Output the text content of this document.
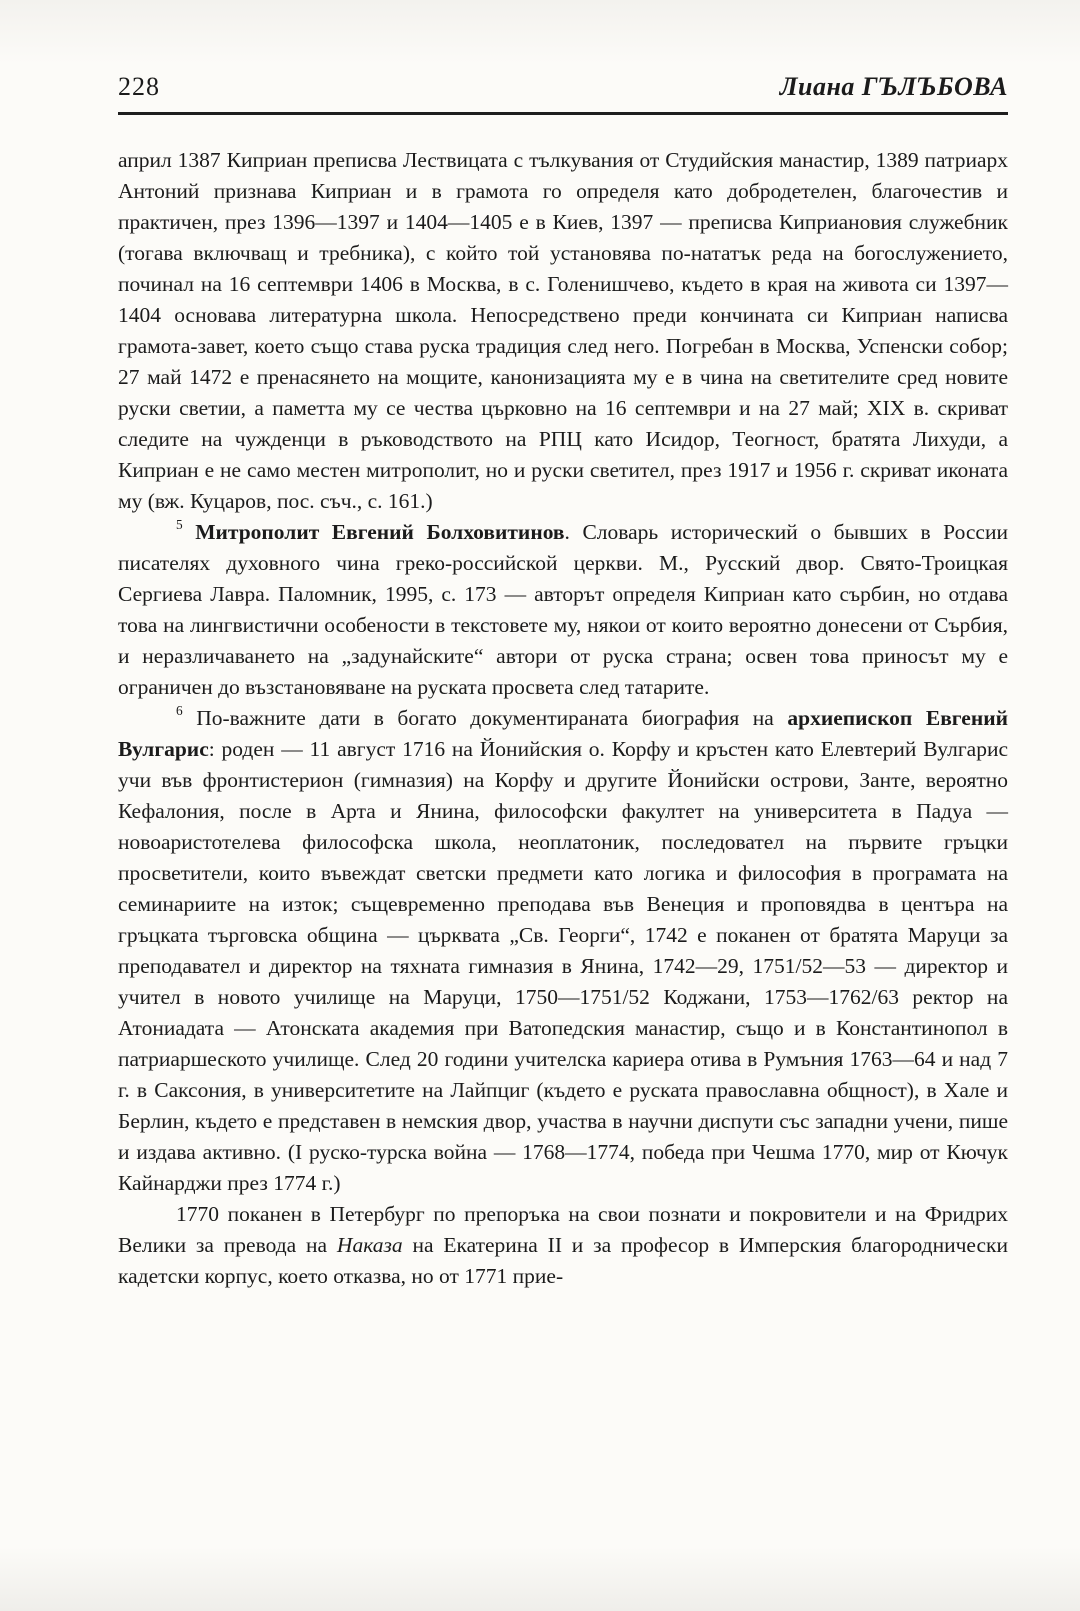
228	Лиана ГЪЛЪБОВА

април 1387 Киприан преписва Лествицата с тълкувания от Студийския манастир, 1389 патриарх Антоний признава Киприан и в грамота го определя като добродетелен, благочестив и практичен, през 1396—1397 и 1404—1405 е в Киев, 1397 — преписва Киприановия служебник (тогава включващ и требника), с който той установява по-нататък реда на богослужението, починал на 16 септември 1406 в Москва, в с. Голенишчево, където в края на живота си 1397—1404 основава литературна школа. Непосредствено преди кончината си Киприан написва грамота-завет, което също става руска традиция след него. Погребан в Москва, Успенски собор; 27 май 1472 е пренасянето на мощите, канонизацията му е в чина на светителите сред новите руски светии, а паметта му се чества църковно на 16 септември и на 27 май; XIX в. скриват следите на чужденци в ръководството на РПЦ като Исидор, Теогност, братята Лихуди, а Киприан е не само местен митрополит, но и руски светител, през 1917 и 1956 г. скриват иконата му (вж. Куцаров, пос. съч., с. 161.)

$^5$ Митрополит Евгений Болховитинов. Словарь исторический о бывших в России писателях духовного чина греко-российской церкви. М., Русский двор. Свято-Троицкая Сергиева Лавра. Паломник, 1995, с. 173 — авторът определя Киприан като сърбин, но отдава това на лингвистични особености в текстовете му, някои от които вероятно донесени от Сърбия, и неразличаването на „задунайските“ автори от руска страна; освен това приносът му е ограничен до възстановяване на руската просвета след татарите.

$^6$ По-важните дати в богато документираната биография на архиепископ Евгений Вулгарис: роден — 11 август 1716 на Йонийския о. Корфу и кръстен като Елевтерий Вулгарис учи във фронтистерион (гимназия) на Корфу и другите Йонийски острови, Занте, вероятно Кефалония, после в Арта и Янина, философски факултет на университета в Падуа — новоаристотелева философска школа, неоплатоник, последовател на първите гръцки просветители, които въвеждат светски предмети като логика и философия в програмата на семинариите на изток; същевременно преподава във Венеция и проповядва в центъра на гръцката търговска община — църквата „Св. Георги“, 1742 е поканен от братята Маруци за преподавател и директор на тяхната гимназия в Янина, 1742—29, 1751/52—53 — директор и учител в новото училище на Маруци, 1750—1751/52 Коджани, 1753—1762/63 ректор на Атониадата — Атонската академия при Ватопедския манастир, също и в Константинопол в патриаршеското училище. След 20 години учителска кариера отива в Румъния 1763—64 и над 7 г. в Саксония, в университетите на Лайпциг (където е руската православна общност), в Хале и Берлин, където е представен в немския двор, участва в научни диспути със западни учени, пише и издава активно. (I руско-турска война — 1768—1774, победа при Чешма 1770, мир от Кючук Кайнарджи през 1774 г.)

1770 поканен в Петербург по препоръка на свои познати и покровители и на Фридрих Велики за превода на Наказа на Екатерина II и за професор в Имперския благороднически кадетски корпус, което отказва, но от 1771 прие-
